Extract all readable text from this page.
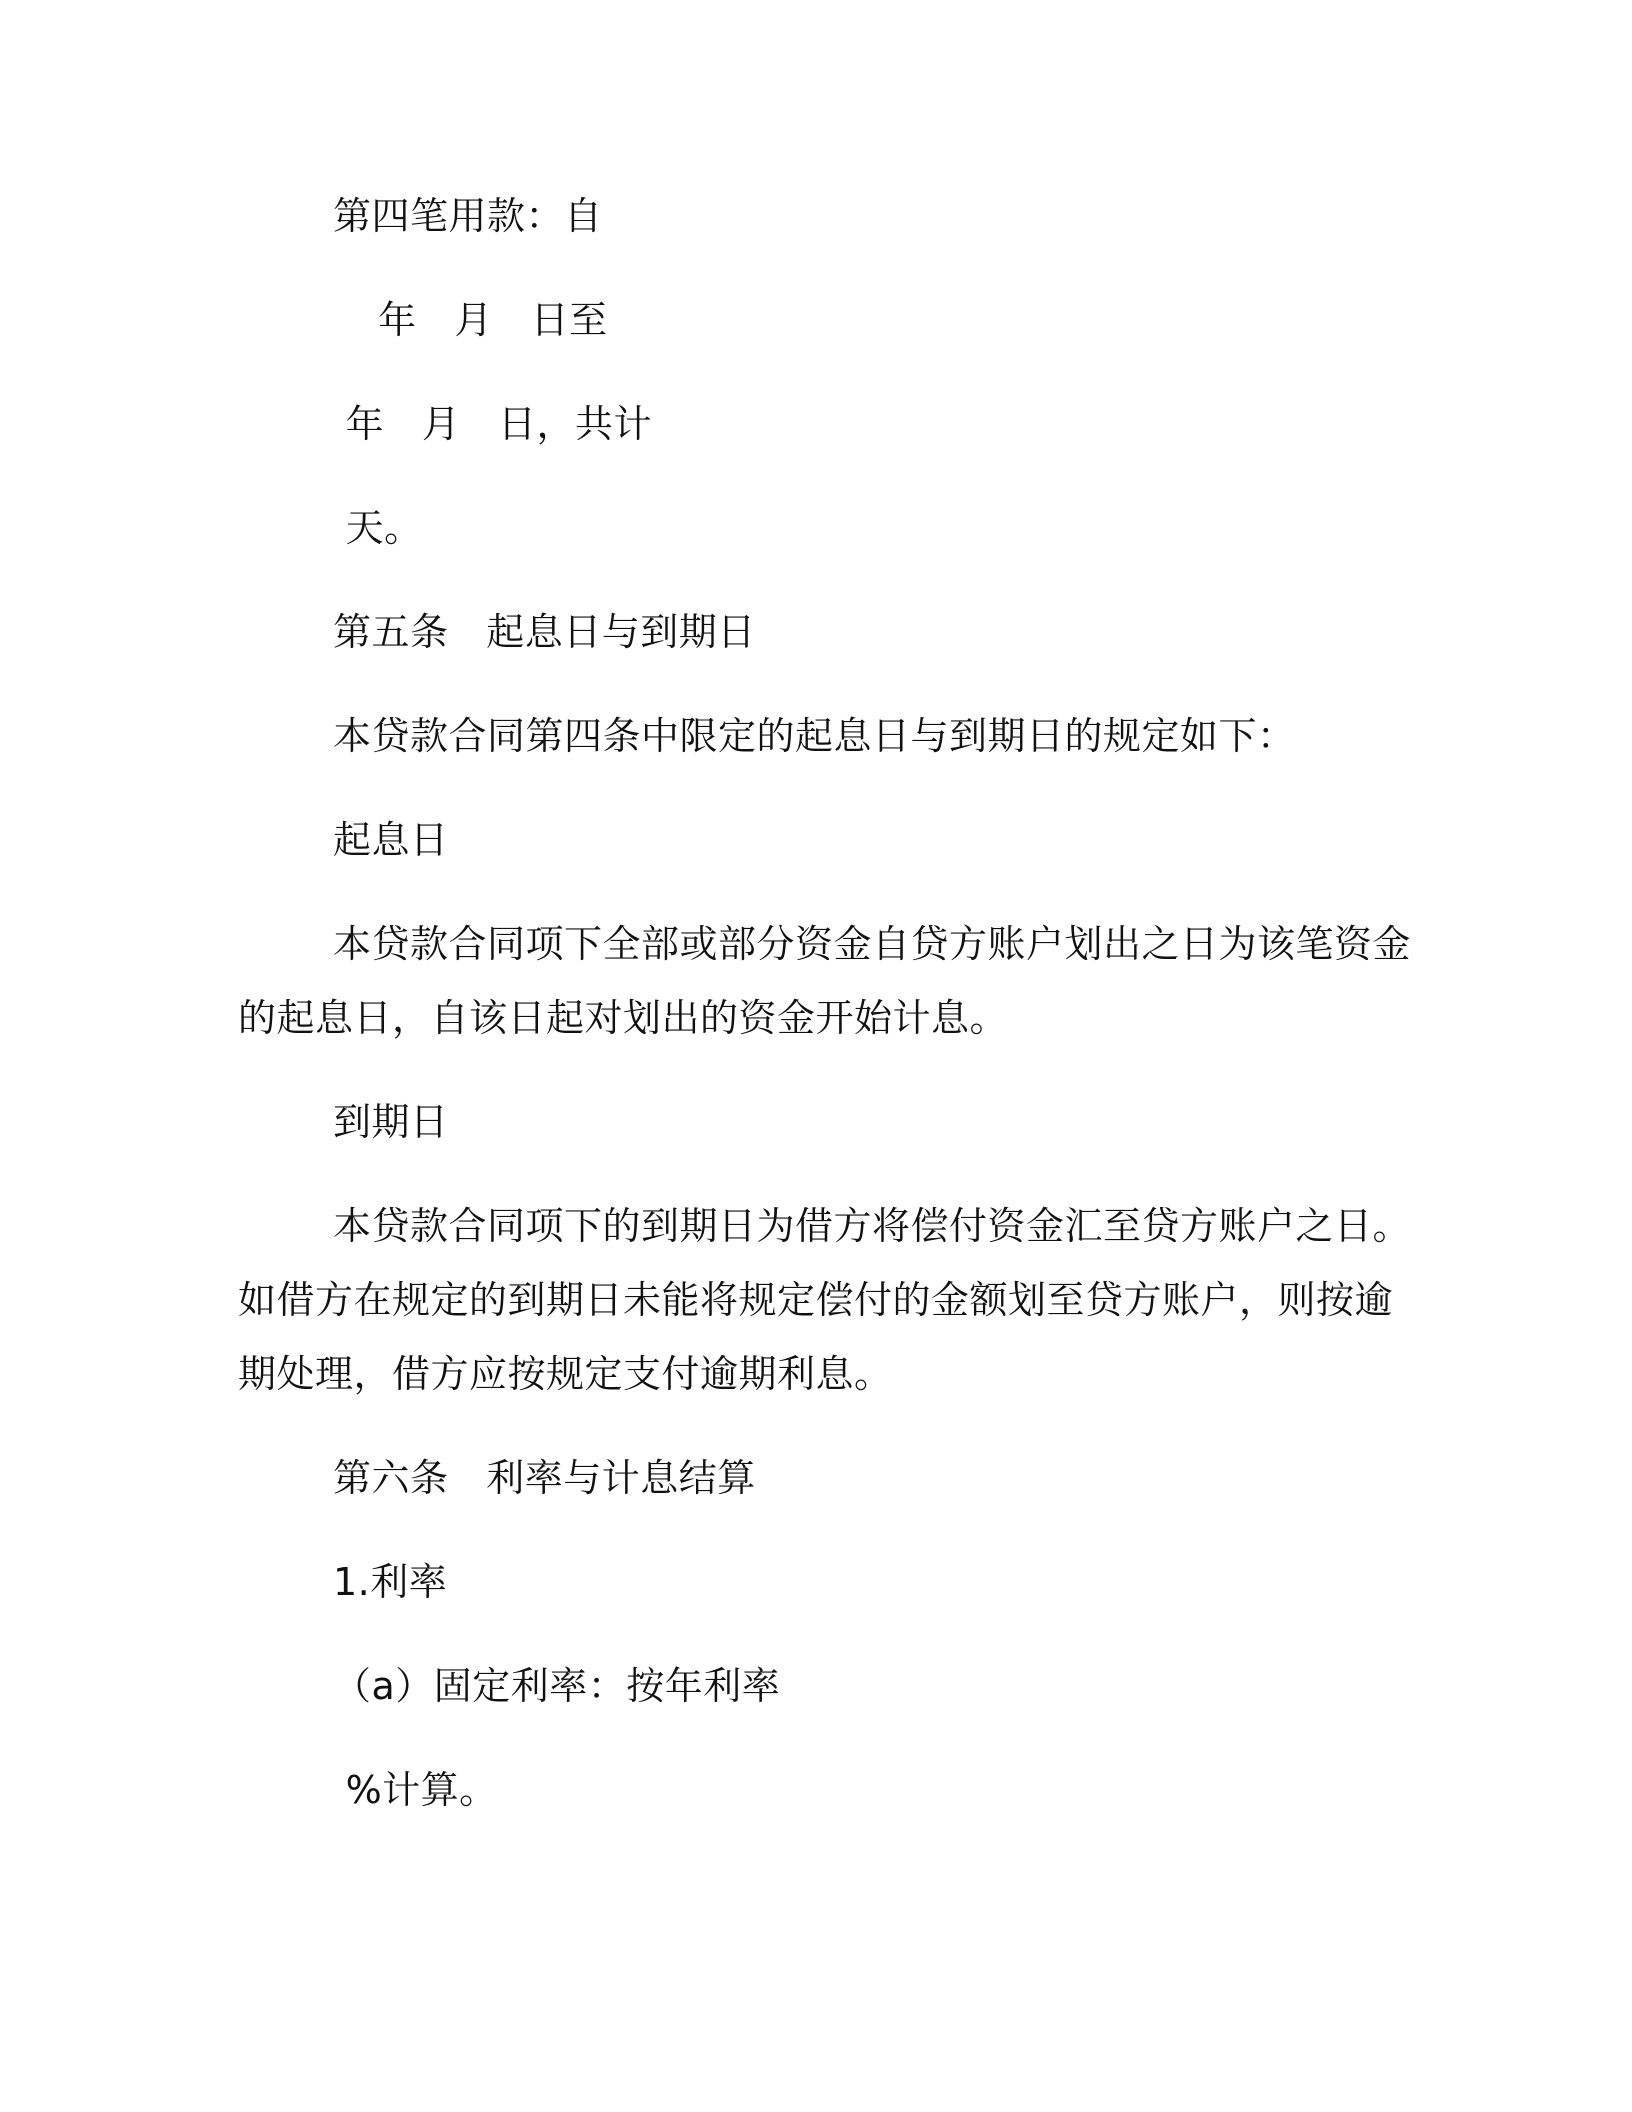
第四笔用款：自
年   月   日至
年   月   日，共计
天。
第五条   起息日与到期日
本贷款合同第四条中限定的起息日与到期日的规定如下：
起息日
本贷款合同项下全部或部分资金自贷方账户划出之日为该笔资金
的起息日，自该日起对划出的资金开始计息。
到期日
本贷款合同项下的到期日为借方将偿付资金汇至贷方账户之日。
如借方在规定的到期日未能将规定偿付的金额划至贷方账户，则按逾
期处理，借方应按规定支付逾期利息。
第六条   利率与计息结算
1.利率
（a）固定利率：按年利率
%计算。
